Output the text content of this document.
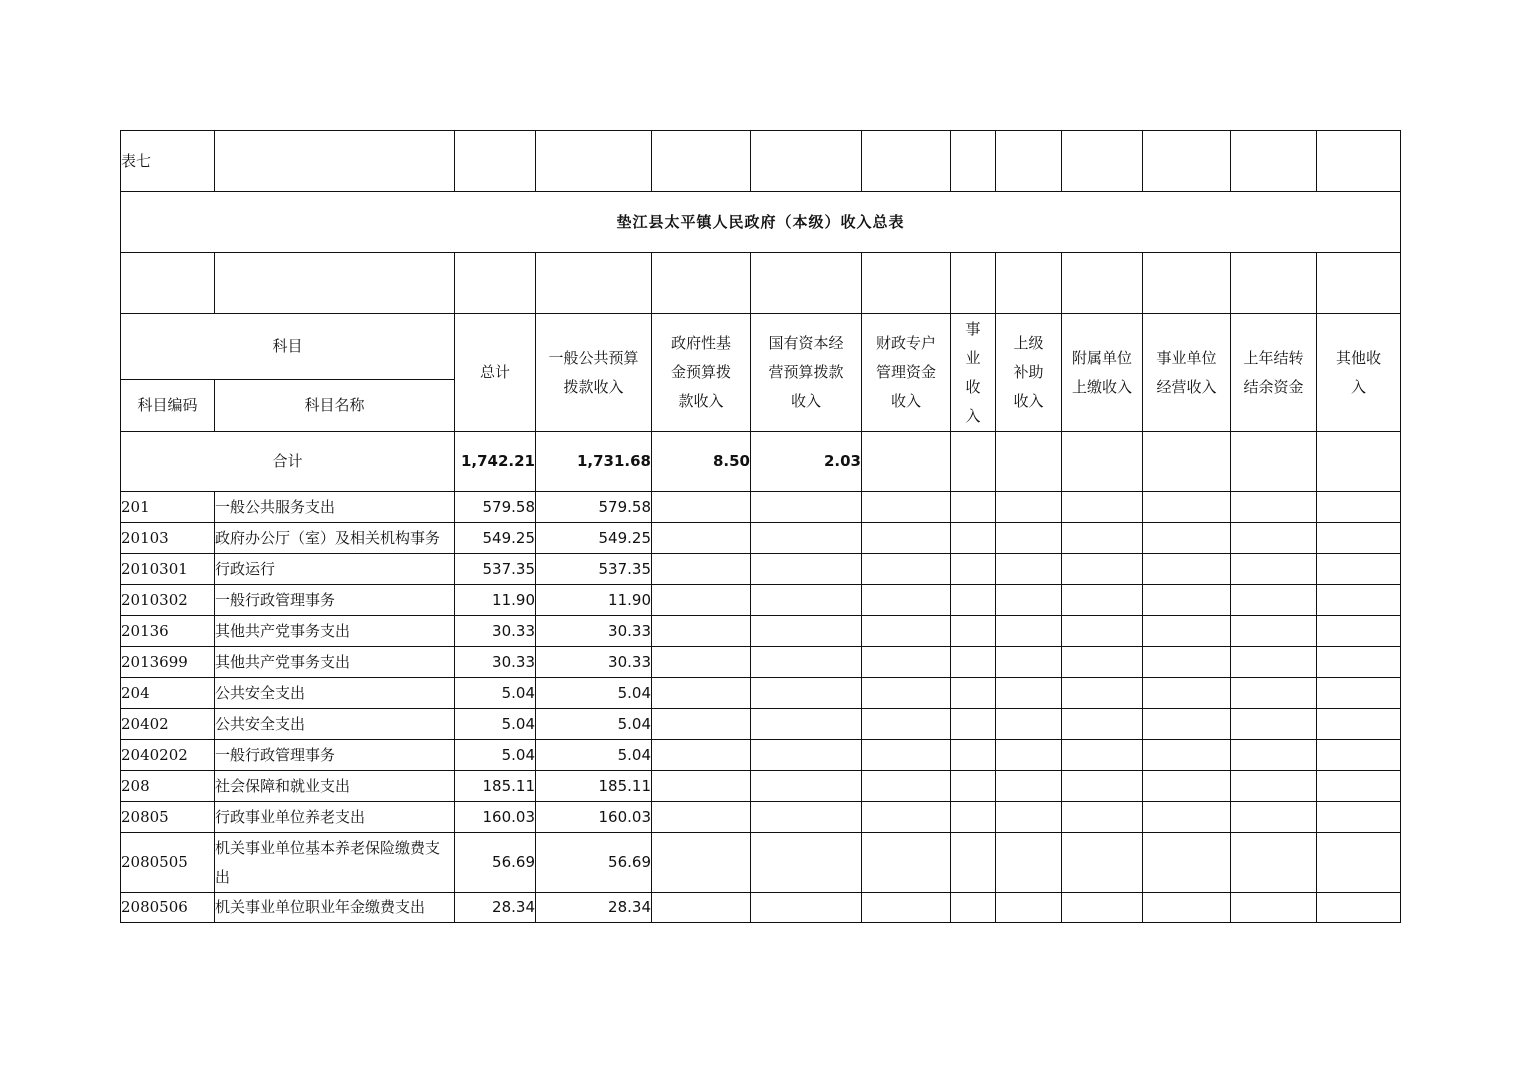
表七												
垫江县太平镇人民政府（本级）收入总表												

科目		总计	一般公共预算拨款收入	政府性基金预算拨款收入	国有资本经营预算拨款收入	财政专户管理资金收入	事业收入	上级补助收入	附属单位上缴收入	事业单位经营收入	上年结转结余资金	其他收入
科目编码	科目名称											
合计		1,742.21	1,731.68	8.50	2.03							
201	一般公共服务支出	579.58	579.58									
20103	政府办公厅（室）及相关机构事务	549.25	549.25									
2010301	行政运行	537.35	537.35									
2010302	一般行政管理事务	11.90	11.90									
20136	其他共产党事务支出	30.33	30.33									
2013699	其他共产党事务支出	30.33	30.33									
204	公共安全支出	5.04	5.04									
20402	公共安全支出	5.04	5.04									
2040202	一般行政管理事务	5.04	5.04									
208	社会保障和就业支出	185.11	185.11									
20805	行政事业单位养老支出	160.03	160.03									
2080505	机关事业单位基本养老保险缴费支出	56.69	56.69									
2080506	机关事业单位职业年金缴费支出	28.34	28.34									
